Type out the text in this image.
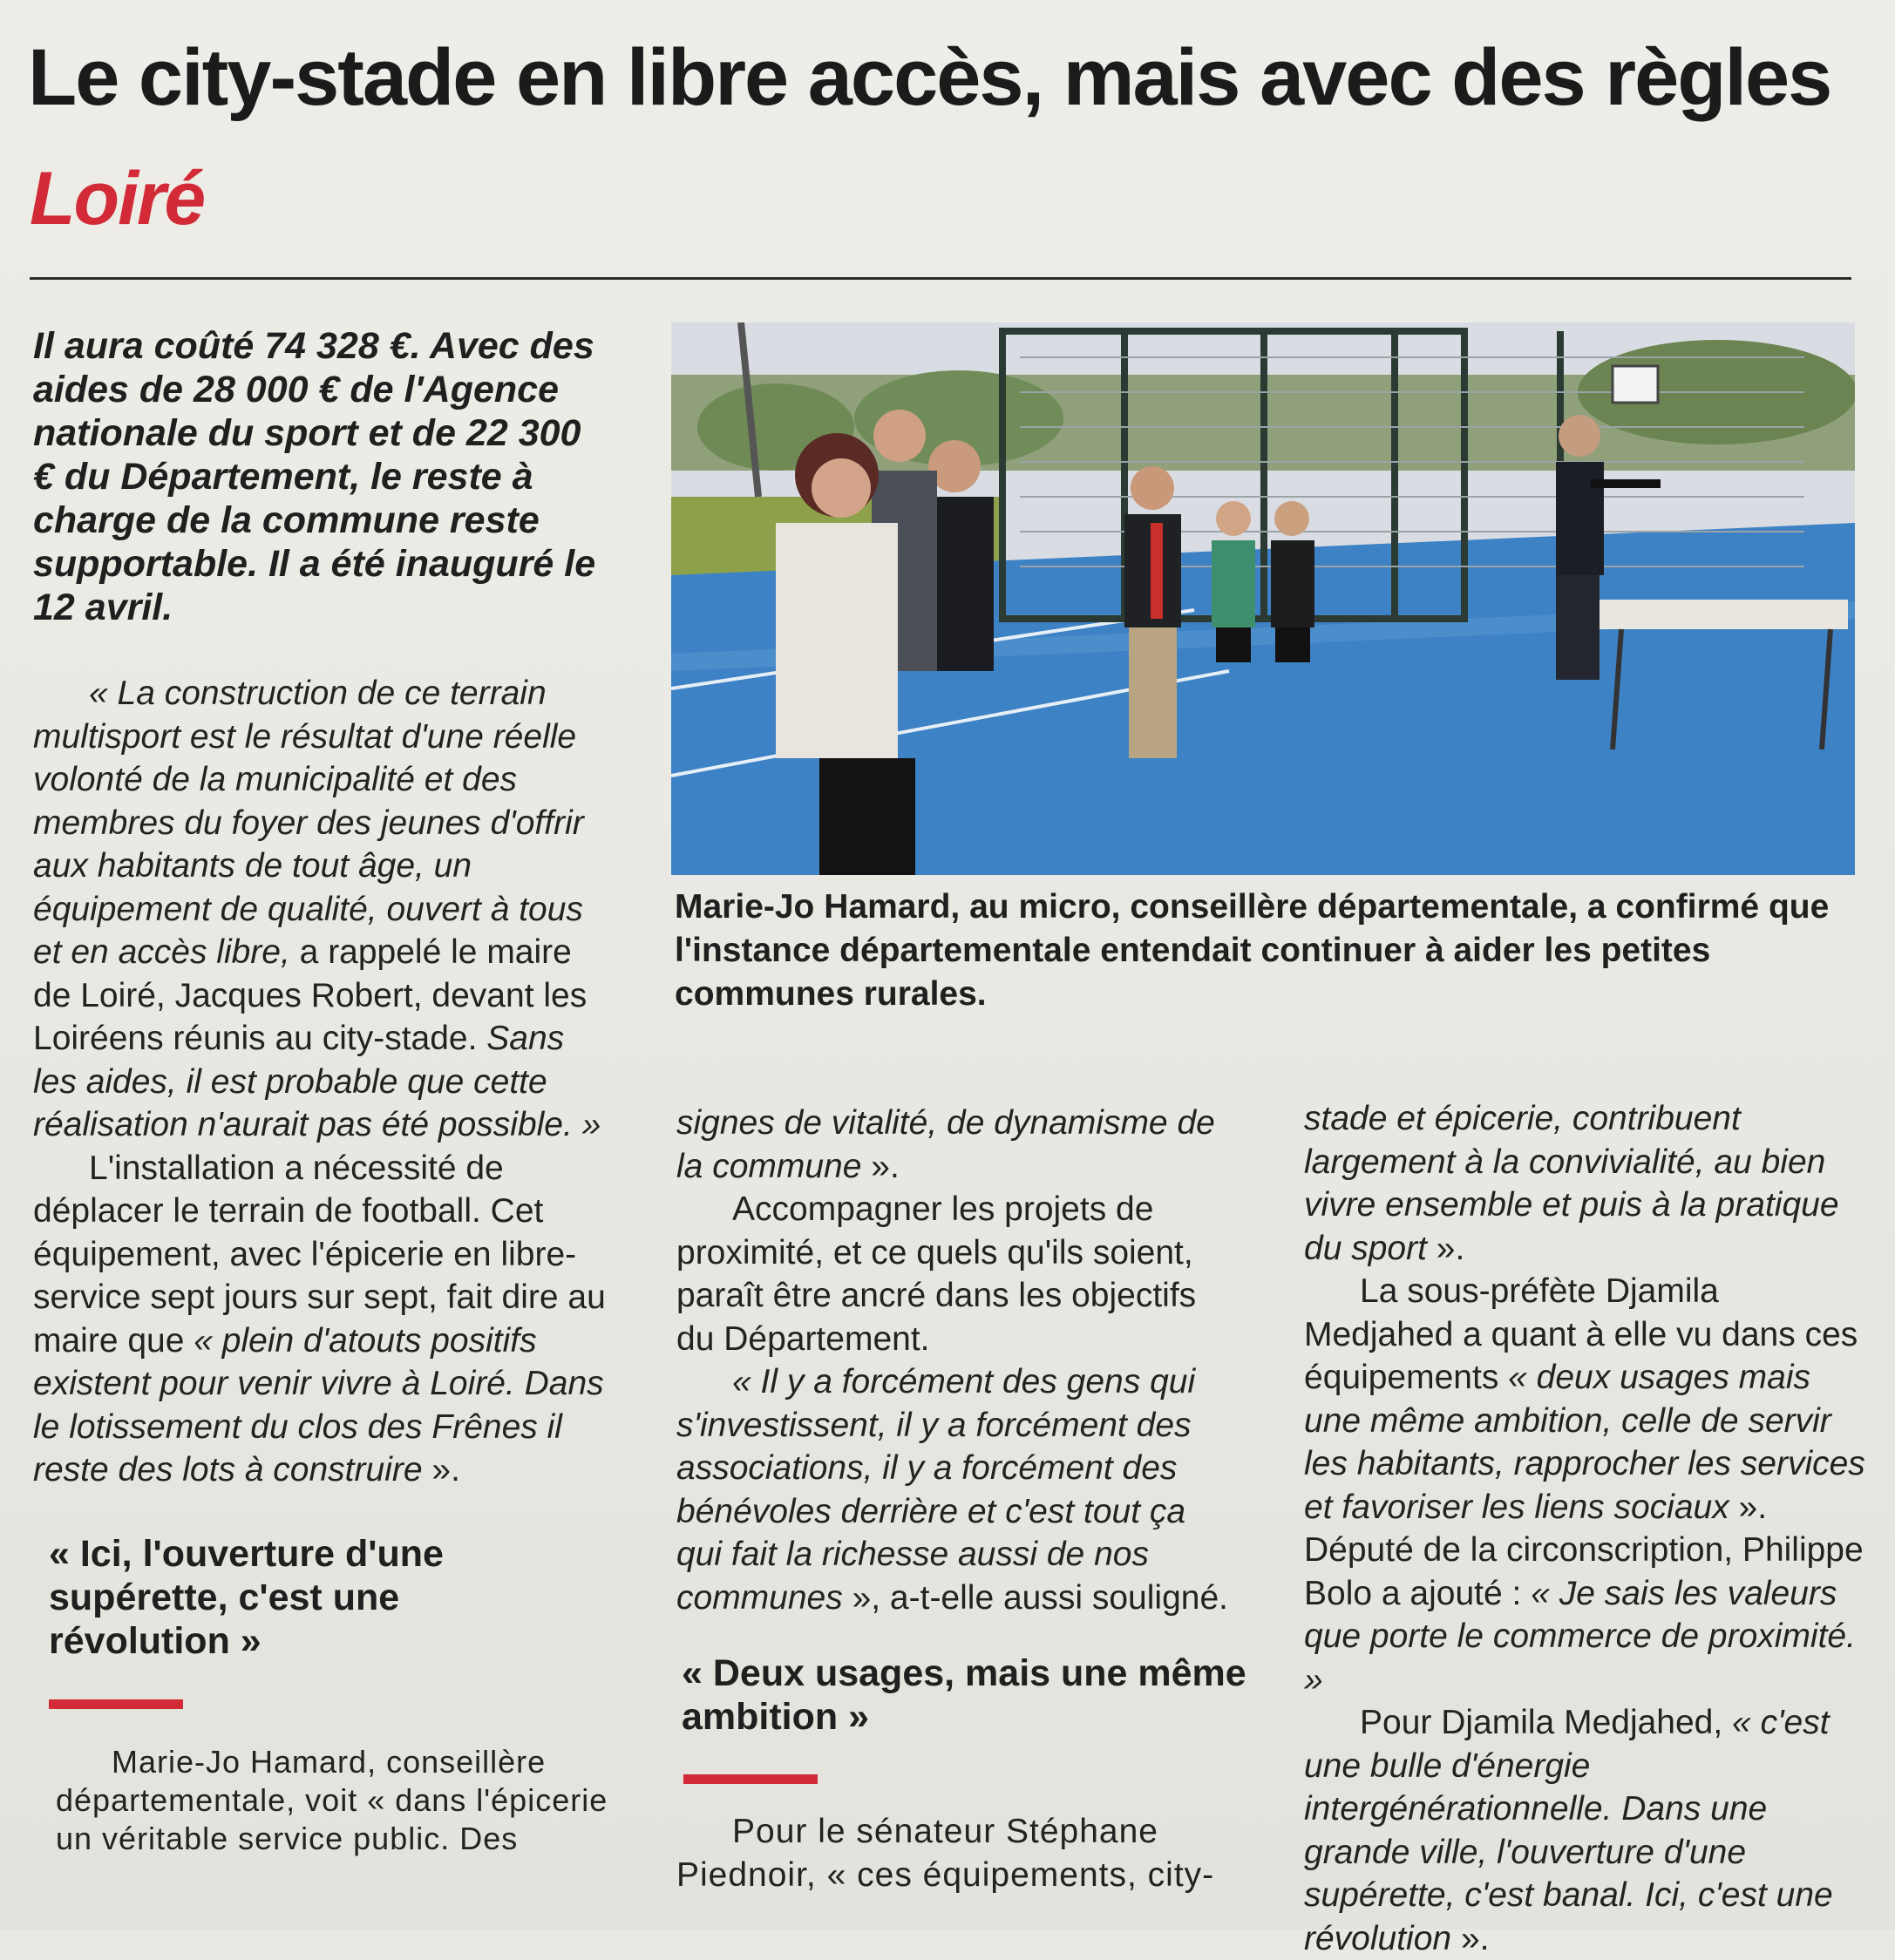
Le city-stade en libre accès, mais avec des règles
Loiré
Il aura coûté 74 328 €. Avec des aides de 28 000 € de l'Agence nationale du sport et de 22 300 € du Département, le reste à charge de la commune reste supportable. Il a été inauguré le 12 avril.
Marie-Jo Hamard, au micro, conseillère départementale, a confirmé que l'instance départementale entendait continuer à aider les petites communes rurales.

« La construction de ce terrain multisport est le résultat d'une réelle volonté de la municipalité et des membres du foyer des jeunes d'offrir aux habitants de tout âge, un équipement de qualité, ouvert à tous et en accès libre, a rappelé le maire de Loiré, Jacques Robert, devant les Loiréens réunis au city-stade. Sans les aides, il est probable que cette réalisation n'aurait pas été possible. »

L'installation a nécessité de déplacer le terrain de football. Cet équipement, avec l'épicerie en libre-service sept jours sur sept, fait dire au maire que « plein d'atouts positifs existent pour venir vivre à Loiré. Dans le lotissement du clos des Frênes il reste des lots à construire ».

« Ici, l'ouverture d'une supérette, c'est une révolution »

Marie-Jo Hamard, conseillère départementale, voit « dans l'épicerie un véritable service public. Des

signes de vitalité, de dynamisme de la commune ».

Accompagner les projets de proximité, et ce quels qu'ils soient, paraît être ancré dans les objectifs du Département.

« Il y a forcément des gens qui s'investissent, il y a forcément des associations, il y a forcément des bénévoles derrière et c'est tout ça qui fait la richesse aussi de nos communes », a-t-elle aussi souligné.

« Deux usages, mais une même ambition »

Pour le sénateur Stéphane Piednoir, « ces équipements, city-

stade et épicerie, contribuent largement à la convivialité, au bien vivre ensemble et puis à la pratique du sport ».

La sous-préfète Djamila Medjahed a quant à elle vu dans ces équipements « deux usages mais une même ambition, celle de servir les habitants, rapprocher les services et favoriser les liens sociaux ». Député de la circonscription, Philippe Bolo a ajouté : « Je sais les valeurs que porte le commerce de proximité. »

Pour Djamila Medjahed, « c'est une bulle d'énergie intergénérationnelle. Dans une grande ville, l'ouverture d'une supérette, c'est banal. Ici, c'est une révolution ».
